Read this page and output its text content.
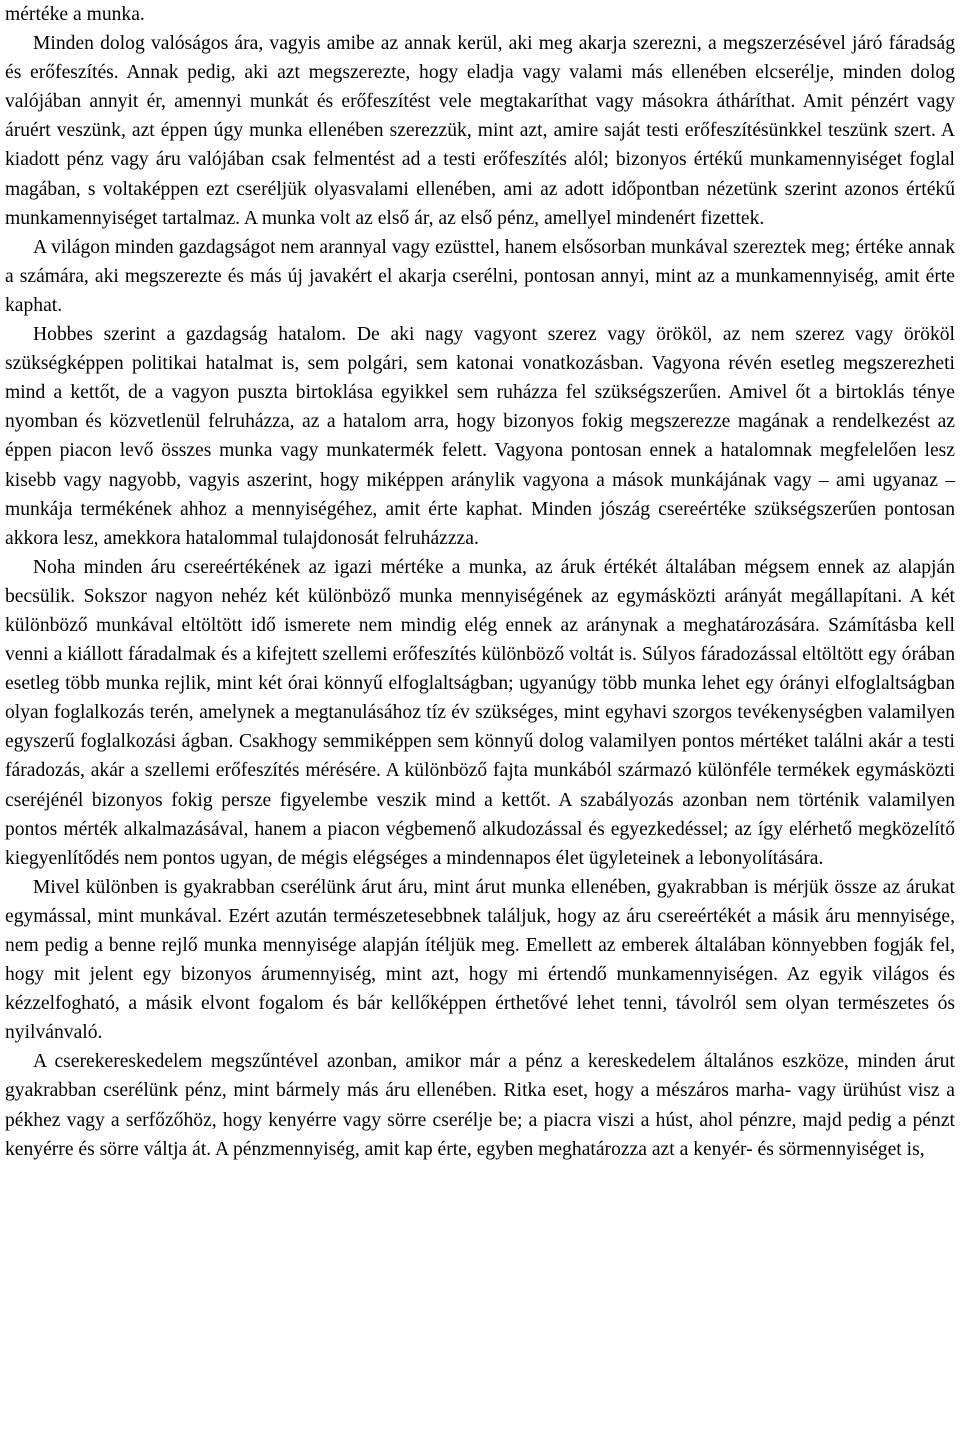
mértéke a munka.

Minden dolog valóságos ára, vagyis amibe az annak kerül, aki meg akarja szerezni, a megszerzésével járó fáradság és erőfeszítés. Annak pedig, aki azt megszerezte, hogy eladja vagy valami más ellenében elcserélje, minden dolog valójában annyit ér, amennyi munkát és erőfeszítést vele megtakaríthat vagy másokra átháríthat. Amit pénzért vagy áruért veszünk, azt éppen úgy munka ellenében szerezzük, mint azt, amire saját testi erőfeszítésünkkel teszünk szert. A kiadott pénz vagy áru valójában csak felmentést ad a testi erőfeszítés alól; bizonyos értékű munkamennyiséget foglal magában, s voltaképpen ezt cseréljük olyasvalami ellenében, ami az adott időpontban nézetünk szerint azonos értékű munkamennyiséget tartalmaz. A munka volt az első ár, az első pénz, amellyel mindenért fizettek.

A világon minden gazdagságot nem arannyal vagy ezüsttel, hanem elsősorban munkával szereztek meg; értéke annak a számára, aki megszerezte és más új javakért el akarja cserélni, pontosan annyi, mint az a munkamennyiség, amit érte kaphat.

Hobbes szerint a gazdagság hatalom. De aki nagy vagyont szerez vagy örököl, az nem szerez vagy örököl szükségképpen politikai hatalmat is, sem polgári, sem katonai vonatkozásban. Vagyona révén esetleg megszerezheti mind a kettőt, de a vagyon puszta birtoklása egyikkel sem ruházza fel szükségszerűen. Amivel őt a birtoklás ténye nyomban és közvetlenül felruházza, az a hatalom arra, hogy bizonyos fokig megszerezze magának a rendelkezést az éppen piacon levő összes munka vagy munkatermék felett. Vagyona pontosan ennek a hatalomnak megfelelően lesz kisebb vagy nagyobb, vagyis aszerint, hogy miképpen aránylik vagyona a mások munkájának vagy – ami ugyanaz – munkája termékének ahhoz a mennyiségéhez, amit érte kaphat. Minden jószág csereértéke szükségszerűen pontosan akkora lesz, amekkora hatalommal tulajdonosát felruházzza.

Noha minden áru csereértékének az igazi mértéke a munka, az áruk értékét általában mégsem ennek az alapján becsülik. Sokszor nagyon nehéz két különböző munka mennyiségének az egymásközti arányát megállapítani. A két különböző munkával eltöltött idő ismerete nem mindig elég ennek az aránynak a meghatározására. Számításba kell venni a kiállott fáradalmak és a kifejtett szellemi erőfeszítés különböző voltát is. Súlyos fáradozással eltöltött egy órában esetleg több munka rejlik, mint két órai könnyű elfoglaltságban; ugyanúgy több munka lehet egy órányi elfoglaltságban olyan foglalkozás terén, amelynek a megtanulásához tíz év szükséges, mint egyhavi szorgos tevékenységben valamilyen egyszerű foglalkozási ágban. Csakhogy semmiképpen sem könnyű dolog valamilyen pontos mértéket találni akár a testi fáradozás, akár a szellemi erőfeszítés mérésére. A különböző fajta munkából származó különféle termékek egymásközti cseréjénél bizonyos fokig persze figyelembe veszik mind a kettőt. A szabályozás azonban nem történik valamilyen pontos mérték alkalmazásával, hanem a piacon végbemenő alkudozással és egyezkedéssel; az így elérhető megközelítő kiegyenlítődés nem pontos ugyan, de mégis elégséges a mindennapos élet ügyleteinek a lebonyolítására.

Mivel különben is gyakrabban cserélünk árut áru, mint árut munka ellenében, gyakrabban is mérjük össze az árukat egymással, mint munkával. Ezért azután természetesebbnek találjuk, hogy az áru csereértékét a másik áru mennyisége, nem pedig a benne rejlő munka mennyisége alapján ítéljük meg. Emellett az emberek általában könnyebben fogják fel, hogy mit jelent egy bizonyos árumennyiség, mint azt, hogy mi értendő munkamennyiségen. Az egyik világos és kézzelfogható, a másik elvont fogalom és bár kellőképpen érthetővé lehet tenni, távolról sem olyan természetes ós nyilvánvaló.

A cserekereskedelem megszűntével azonban, amikor már a pénz a kereskedelem általános eszköze, minden árut gyakrabban cserélünk pénz, mint bármely más áru ellenében. Ritka eset, hogy a mészáros marha- vagy ürühúst visz a pékhez vagy a serfőzőhöz, hogy kenyérre vagy sörre cserélje be; a piacra viszi a húst, ahol pénzre, majd pedig a pénzt kenyérre és sörre váltja át. A pénzmennyiség, amit kap érte, egyben meghatározza azt a kenyér- és sörmennyiséget is,
